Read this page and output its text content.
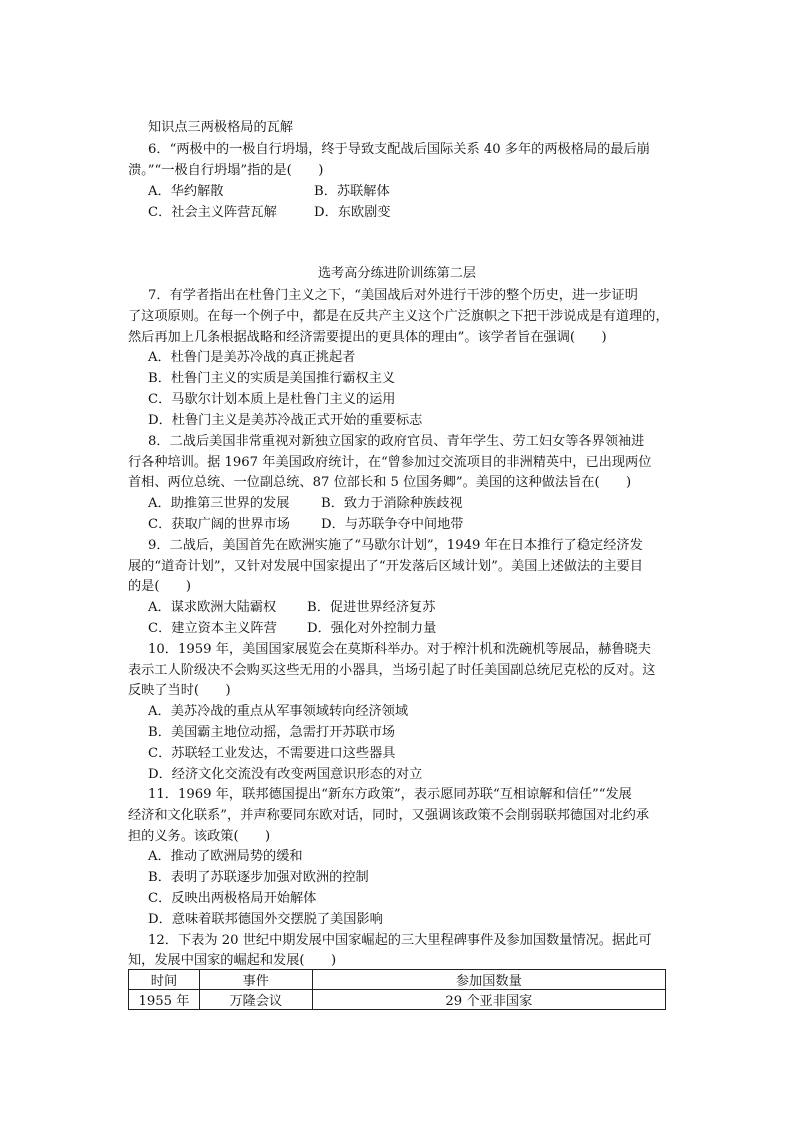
知识点三两极格局的瓦解
6．“两极中的一极自行坍塌，终于导致支配战后国际关系 40 多年的两极格局的最后崩
溃。”“一极自行坍塌”指的是(　　)
A．华约解散	B．苏联解体
C．社会主义阵营瓦解	D．东欧剧变
选考高分练进阶训练第二层
7．有学者指出在杜鲁门主义之下，“美国战后对外进行干涉的整个历史，进一步证明
了这项原则。在每一个例子中，都是在反共产主义这个广泛旗帜之下把干涉说成是有道理的，
然后再加上几条根据战略和经济需要提出的更具体的理由”。该学者旨在强调(　　)
A．杜鲁门是美苏冷战的真正挑起者
B．杜鲁门主义的实质是美国推行霸权主义
C．马歇尔计划本质上是杜鲁门主义的运用
D．杜鲁门主义是美苏冷战正式开始的重要标志
8．二战后美国非常重视对新独立国家的政府官员、青年学生、劳工妇女等各界领袖进
行各种培训。据 1967 年美国政府统计，在“曾参加过交流项目的非洲精英中，已出现两位
首相、两位总统、一位副总统、87 位部长和 5 位国务卿”。美国的这种做法旨在(　　)
A．助推第三世界的发展 B．致力于消除种族歧视
C．获取广阔的世界市场 D．与苏联争夺中间地带
9．二战后，美国首先在欧洲实施了“马歇尔计划”，1949 年在日本推行了稳定经济发
展的“道奇计划”，又针对发展中国家提出了“开发落后区域计划”。美国上述做法的主要目
的是(　　)
A．谋求欧洲大陆霸权 B．促进世界经济复苏
C．建立资本主义阵营 D．强化对外控制力量
10．1959 年，美国国家展览会在莫斯科举办。对于榨汁机和洗碗机等展品，赫鲁晓夫
表示工人阶级决不会购买这些无用的小器具，当场引起了时任美国副总统尼克松的反对。这
反映了当时(　　)
A．美苏冷战的重点从军事领域转向经济领域
B．美国霸主地位动摇，急需打开苏联市场
C．苏联轻工业发达，不需要进口这些器具
D．经济文化交流没有改变两国意识形态的对立
11．1969 年，联邦德国提出“新东方政策”，表示愿同苏联“互相谅解和信任”“发展
经济和文化联系”，并声称要同东欧对话，同时，又强调该政策不会削弱联邦德国对北约承
担的义务。该政策(　　)
A．推动了欧洲局势的缓和
B．表明了苏联逐步加强对欧洲的控制
C．反映出两极格局开始解体
D．意味着联邦德国外交摆脱了美国影响
12．下表为 20 世纪中期发展中国家崛起的三大里程碑事件及参加国数量情况。据此可
知，发展中国家的崛起和发展(　　)
时间	事件	参加国数量
1955 年	万隆会议	29 个亚非国家
